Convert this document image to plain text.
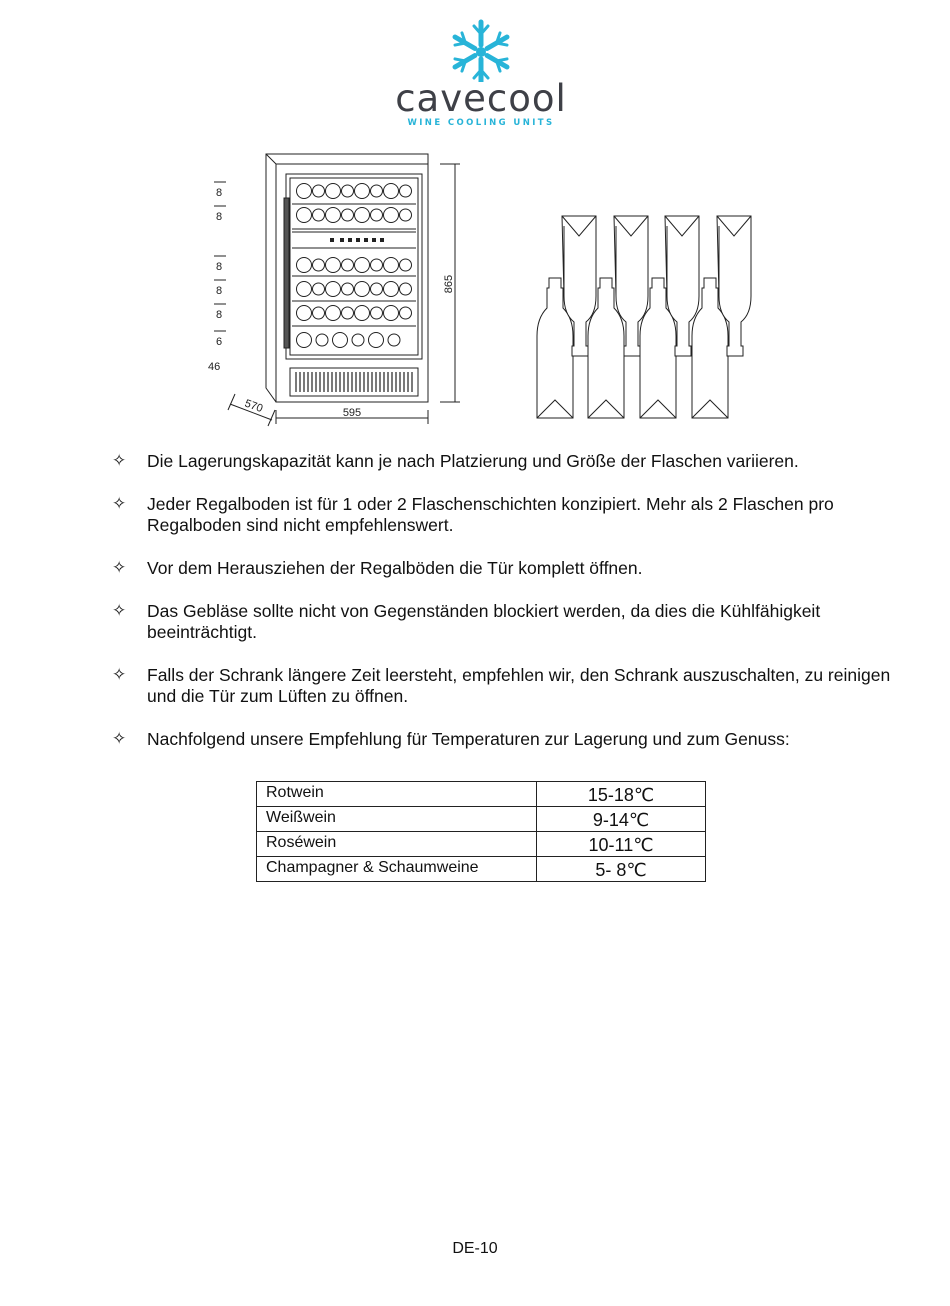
cavecool
WINE COOLING UNITS
8
8
8
8
8
6
46
865
595
570
✧ Die Lagerungskapazität kann je nach Platzierung und Größe der Flaschen variieren.
✧ Jeder Regalboden ist für 1 oder 2 Flaschenschichten konzipiert. Mehr als 2 Flaschen pro Regalboden sind nicht empfehlenswert.
✧ Vor dem Herausziehen der Regalböden die Tür komplett öffnen.
✧ Das Gebläse sollte nicht von Gegenständen blockiert werden, da dies die Kühlfähigkeit beeinträchtigt.
✧ Falls der Schrank längere Zeit leersteht, empfehlen wir, den Schrank auszuschalten, zu reinigen und die Tür zum Lüften zu öffnen.
✧ Nachfolgend unsere Empfehlung für Temperaturen zur Lagerung und zum Genuss:
Rotwein	15-18℃
Weißwein	9-14℃
Roséwein	10-11℃
Champagner & Schaumweine	5- 8℃
DE-10
